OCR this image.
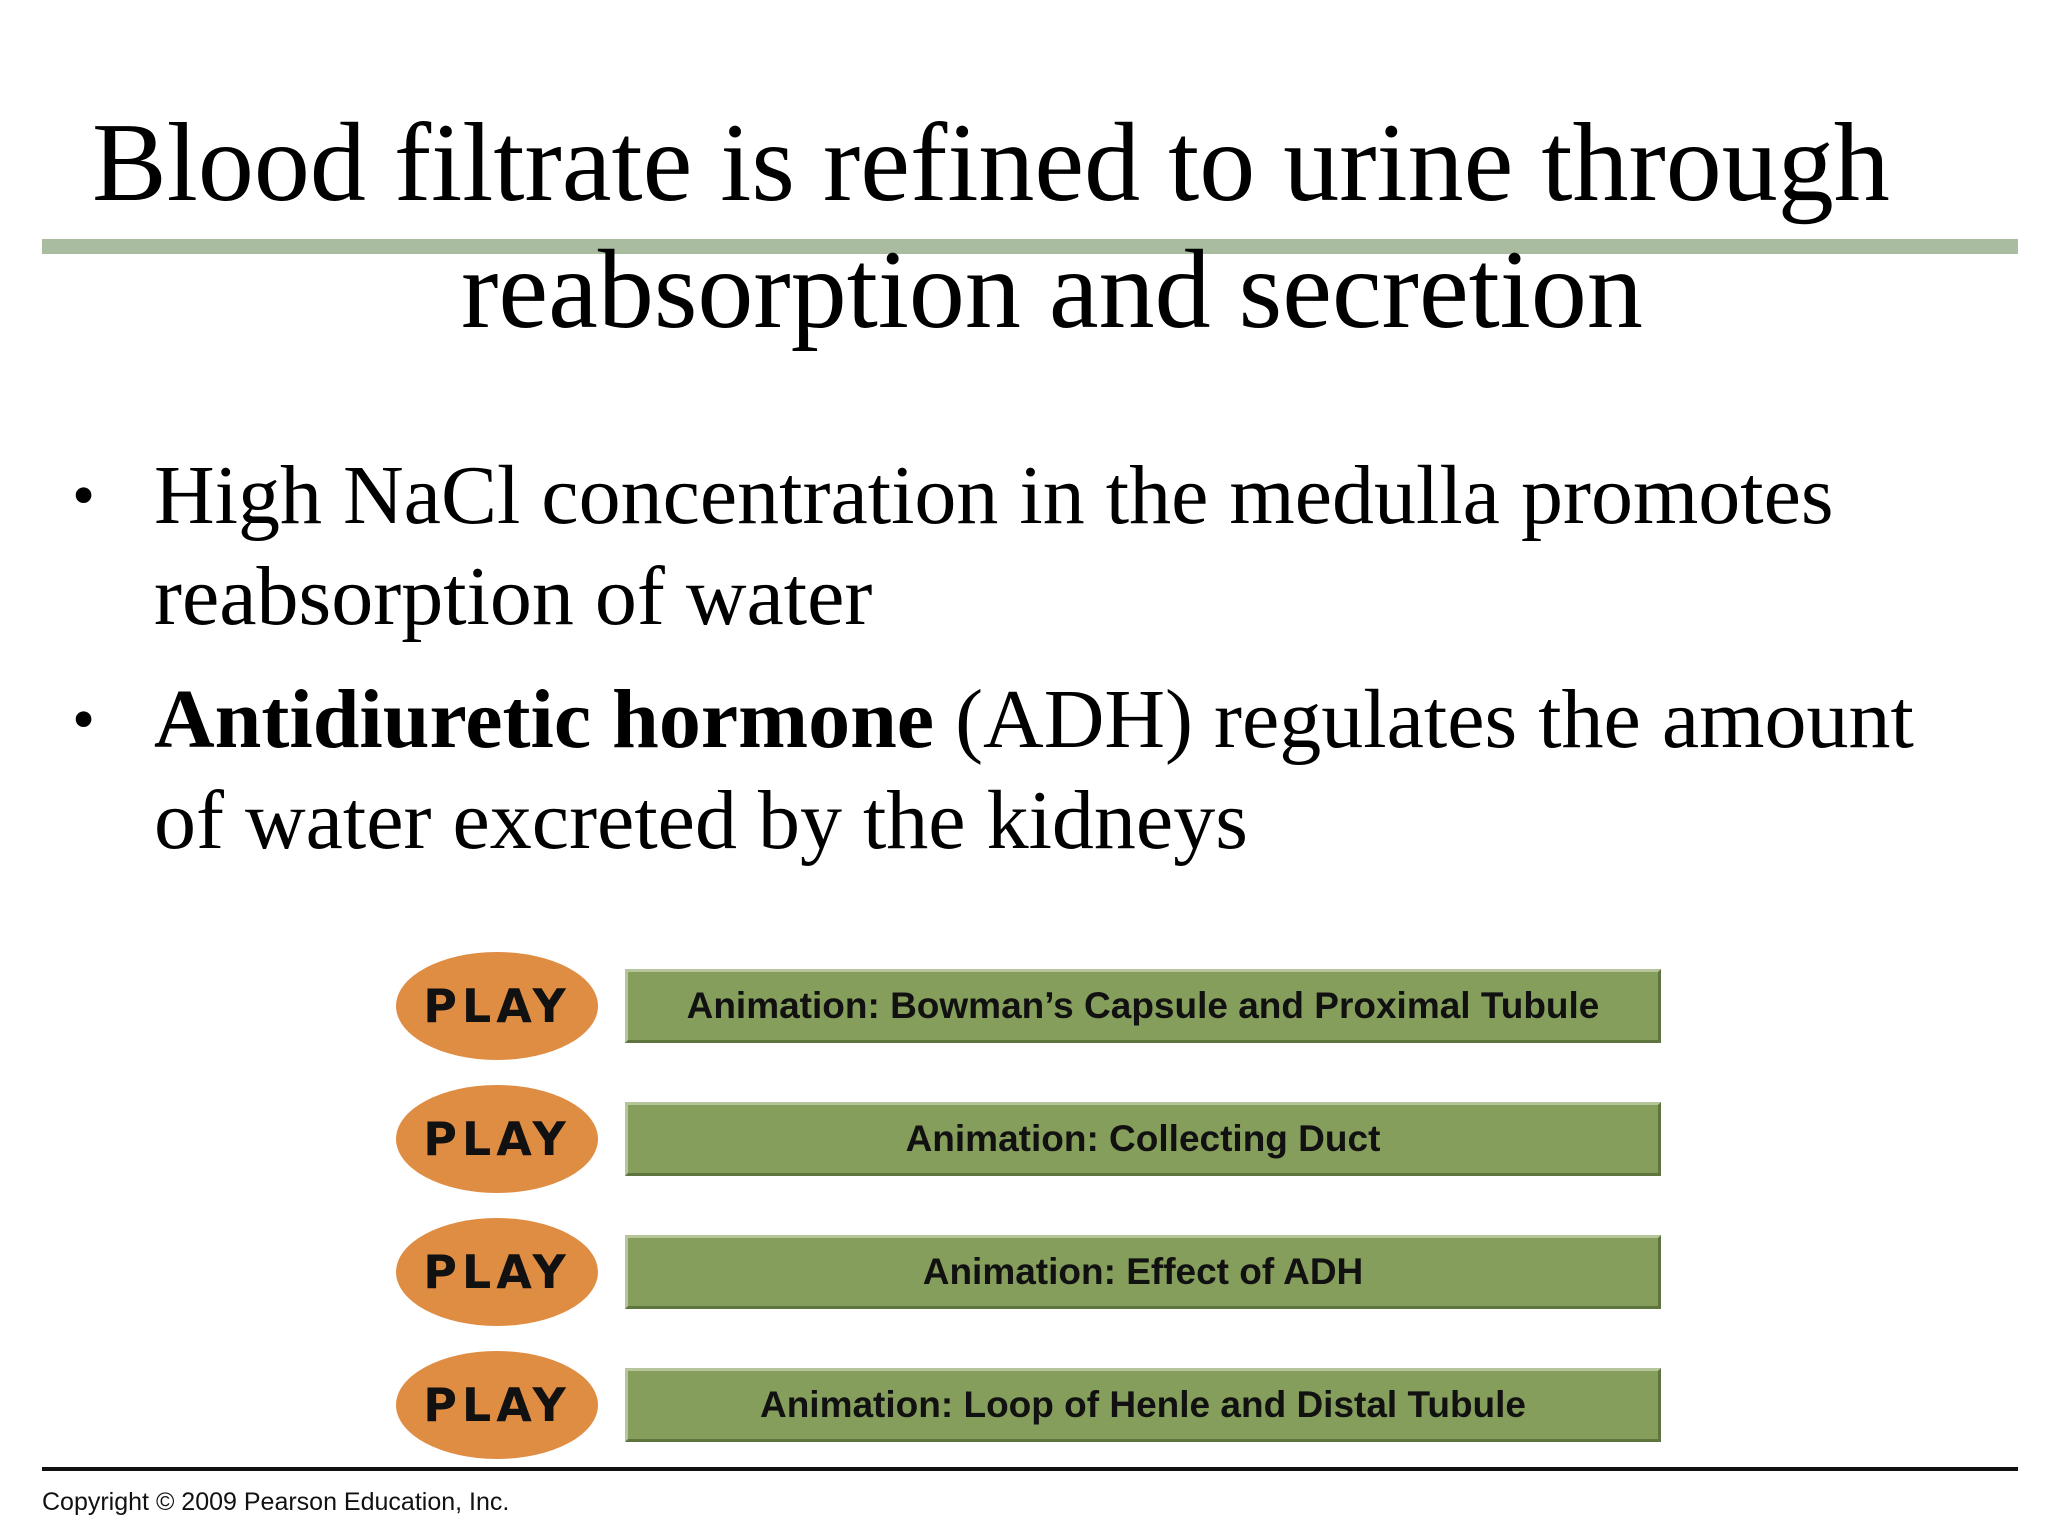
Blood filtrate is refined to urine through
reabsorption and secretion
• High NaCl concentration in the medulla promotes reabsorption of water
• Antidiuretic hormone (ADH) regulates the amount of water excreted by the kidneys
PLAY	Animation: Bowman’s Capsule and Proximal Tubule
PLAY	Animation: Collecting Duct
PLAY	Animation: Effect of ADH
PLAY	Animation: Loop of Henle and Distal Tubule
Copyright © 2009 Pearson Education, Inc.
